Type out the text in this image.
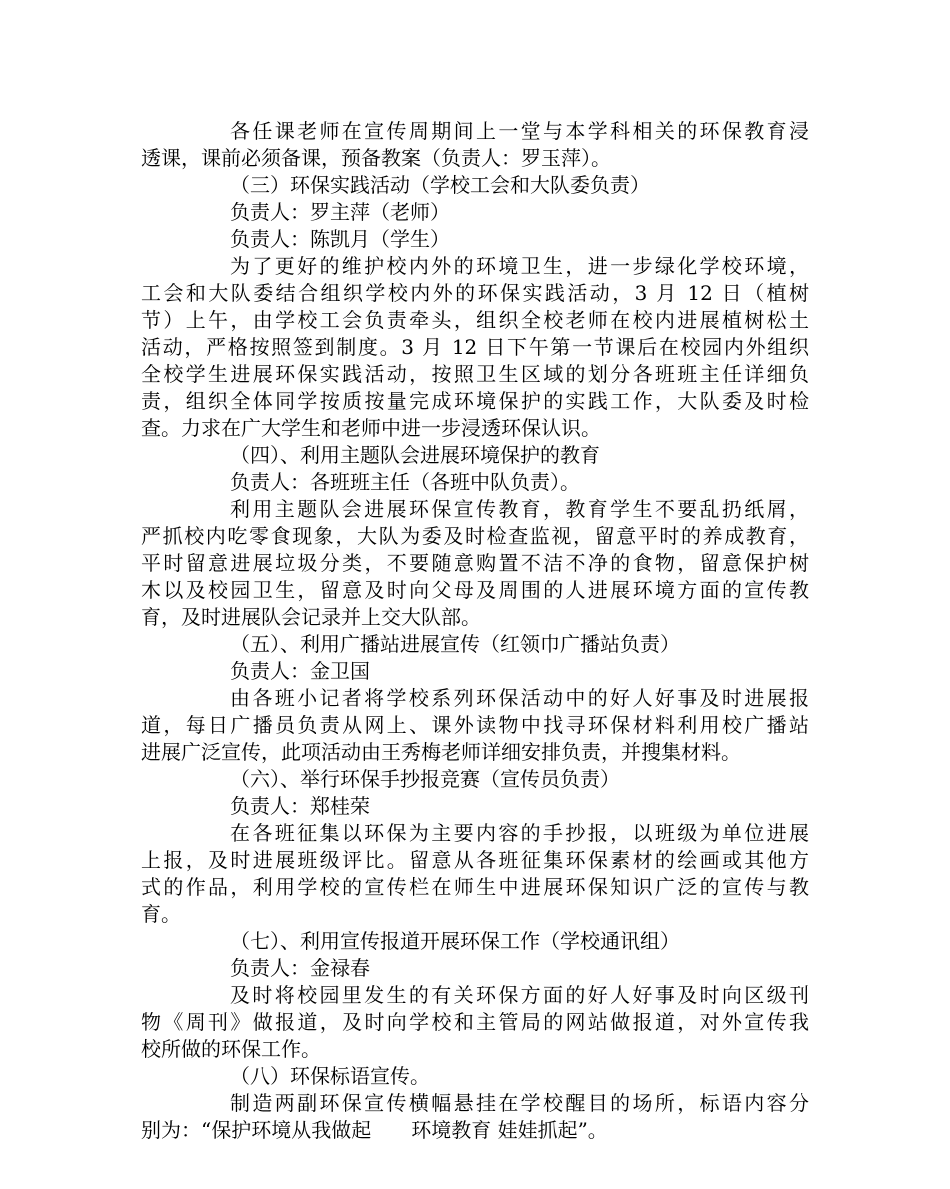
各任课老师在宣传周期间上一堂与本学科相关的环保教育浸
透课，课前必须备课，预备教案（负责人：罗玉萍）。
（三）环保实践活动（学校工会和大队委负责）
负责人：罗主萍（老师）
负责人：陈凯月（学生）
为了更好的维护校内外的环境卫生，进一步绿化学校环境，
工会和大队委结合组织学校内外的环保实践活动，3 月 12 日（植树
节）上午，由学校工会负责牵头，组织全校老师在校内进展植树松土
活动，严格按照签到制度。3 月 12 日下午第一节课后在校园内外组织
全校学生进展环保实践活动，按照卫生区域的划分各班班主任详细负
责，组织全体同学按质按量完成环境保护的实践工作，大队委及时检
查。力求在广大学生和老师中进一步浸透环保认识。
（四）、利用主题队会进展环境保护的教育
负责人：各班班主任（各班中队负责）。
利用主题队会进展环保宣传教育，教育学生不要乱扔纸屑，
严抓校内吃零食现象，大队为委及时检查监视，留意平时的养成教育，
平时留意进展垃圾分类，不要随意购置不洁不净的食物，留意保护树
木以及校园卫生，留意及时向父母及周围的人进展环境方面的宣传教
育，及时进展队会记录并上交大队部。
（五）、利用广播站进展宣传（红领巾广播站负责）
负责人：金卫国
由各班小记者将学校系列环保活动中的好人好事及时进展报
道，每日广播员负责从网上、课外读物中找寻环保材料利用校广播站
进展广泛宣传，此项活动由王秀梅老师详细安排负责，并搜集材料。
（六）、举行环保手抄报竞赛（宣传员负责）
负责人：郑桂荣
在各班征集以环保为主要内容的手抄报，以班级为单位进展
上报，及时进展班级评比。留意从各班征集环保素材的绘画或其他方
式的作品，利用学校的宣传栏在师生中进展环保知识广泛的宣传与教
育。
（七）、利用宣传报道开展环保工作（学校通讯组）
负责人：金禄春
及时将校园里发生的有关环保方面的好人好事及时向区级刊
物《周刊》做报道，及时向学校和主管局的网站做报道，对外宣传我
校所做的环保工作。
（八）环保标语宣传。
制造两副环保宣传横幅悬挂在学校醒目的场所，标语内容分
别为：“保护环境从我做起　　环境教育 娃娃抓起”。
